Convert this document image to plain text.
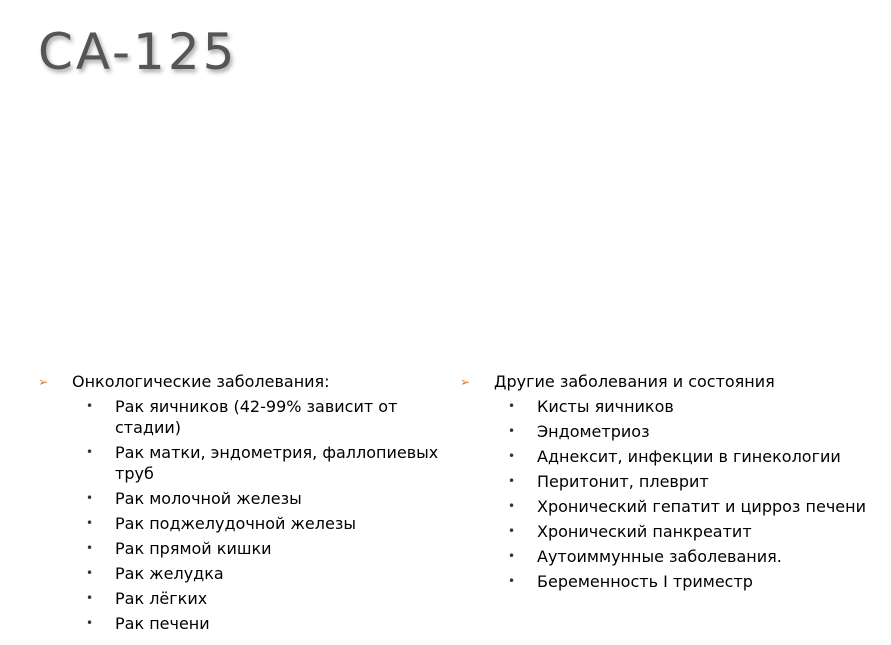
CA-125
➢ Онкологические заболевания:
• Рак яичников (42-99% зависит от стадии)
• Рак матки, эндометрия, фаллопиевых труб
• Рак молочной железы
• Рак поджелудочной железы
• Рак прямой кишки
• Рак желудка
• Рак лёгких
• Рак печени
➢ Другие заболевания и состояния
• Кисты яичников
• Эндометриоз
• Аднексит, инфекции в гинекологии
• Перитонит, плеврит
• Хронический гепатит и цирроз печени
• Хронический панкреатит
• Аутоиммунные заболевания.
• Беременность I триместр
